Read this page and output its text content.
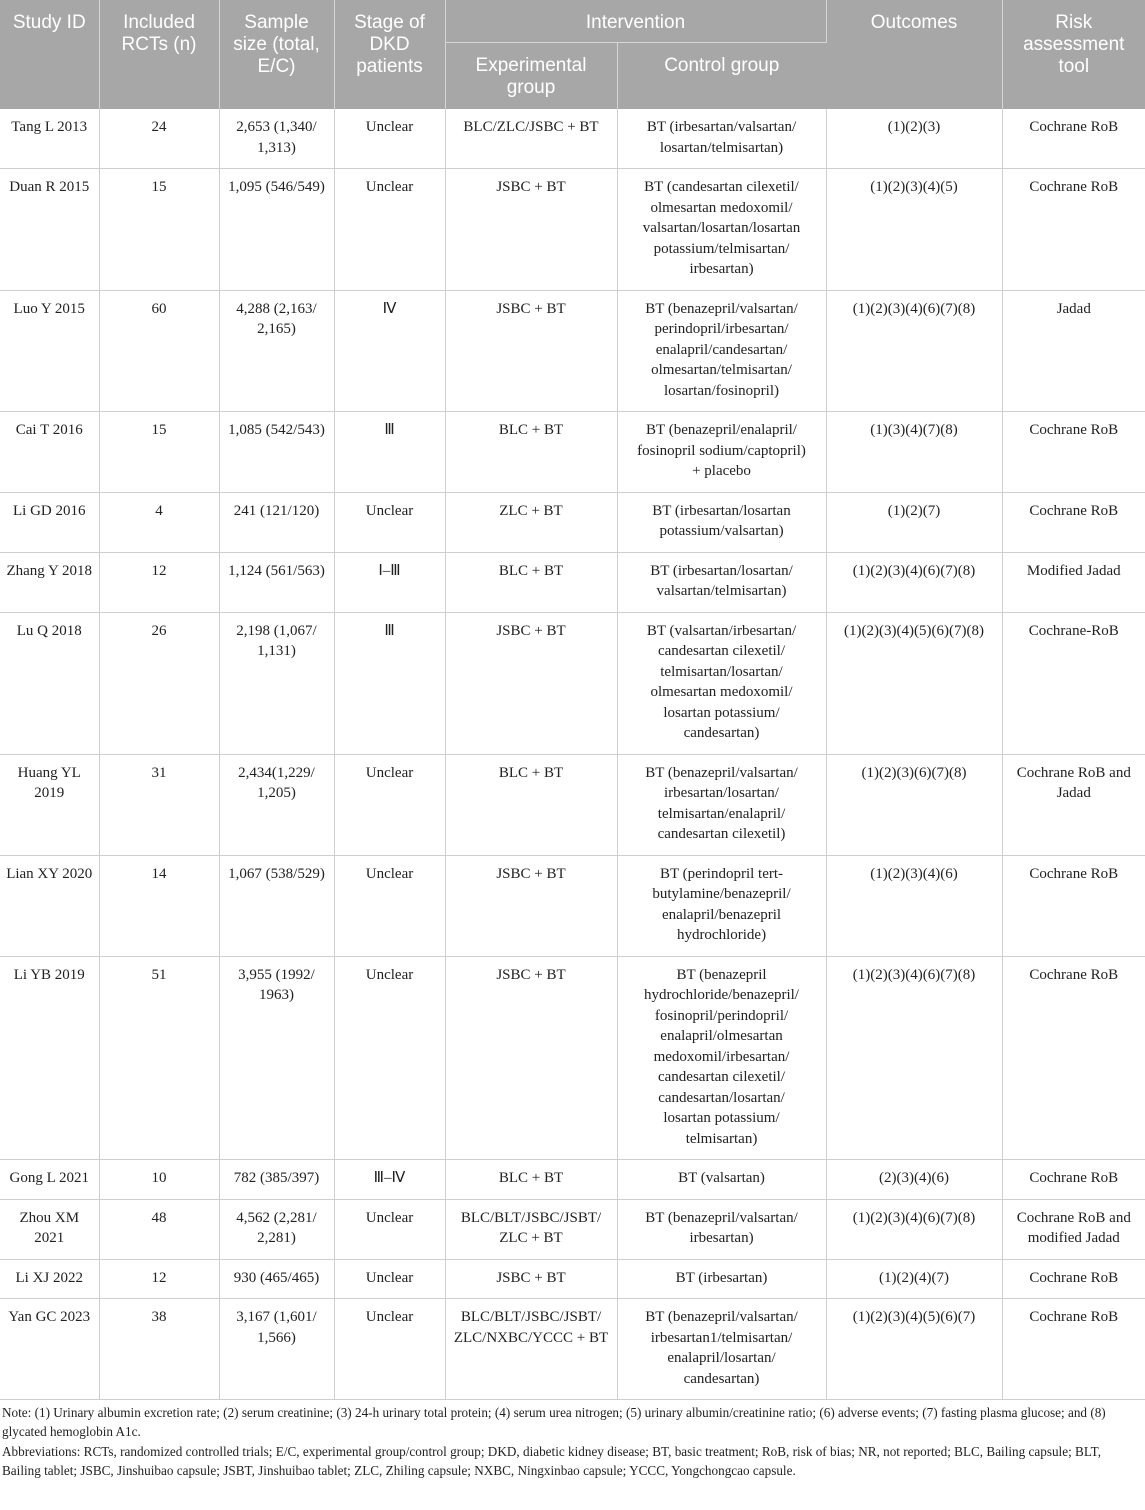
Study ID	Included RCTs (n)	Sample size (total, E/C)	Stage of DKD patients	Intervention		Outcomes	Risk assessment tool
				Experimental group	Control group		
Tang L 2013	24	2,653 (1,340/ 1,313)	Unclear	BLC/ZLC/JSBC + BT	BT (irbesartan/valsartan/ losartan/telmisartan)	(1)(2)(3)	Cochrane RoB
Duan R 2015	15	1,095 (546/549)	Unclear	JSBC + BT	BT (candesartan cilexetil/ olmesartan medoxomil/ valsartan/losartan/losartan potassium/telmisartan/ irbesartan)	(1)(2)(3)(4)(5)	Cochrane RoB
Luo Y 2015	60	4,288 (2,163/ 2,165)	Ⅳ	JSBC + BT	BT (benazepril/valsartan/ perindopril/irbesartan/ enalapril/candesartan/ olmesartan/telmisartan/ losartan/fosinopril)	(1)(2)(3)(4)(6)(7)(8)	Jadad
Cai T 2016	15	1,085 (542/543)	Ⅲ	BLC + BT	BT (benazepril/enalapril/ fosinopril sodium/captopril) + placebo	(1)(3)(4)(7)(8)	Cochrane RoB
Li GD 2016	4	241 (121/120)	Unclear	ZLC + BT	BT (irbesartan/losartan potassium/valsartan)	(1)(2)(7)	Cochrane RoB
Zhang Y 2018	12	1,124 (561/563)	Ⅰ–Ⅲ	BLC + BT	BT (irbesartan/losartan/ valsartan/telmisartan)	(1)(2)(3)(4)(6)(7)(8)	Modified Jadad
Lu Q 2018	26	2,198 (1,067/ 1,131)	Ⅲ	JSBC + BT	BT (valsartan/irbesartan/ candesartan cilexetil/ telmisartan/losartan/ olmesartan medoxomil/ losartan potassium/ candesartan)	(1)(2)(3)(4)(5)(6)(7)(8)	Cochrane-RoB
Huang YL 2019	31	2,434(1,229/ 1,205)	Unclear	BLC + BT	BT (benazepril/valsartan/ irbesartan/losartan/ telmisartan/enalapril/ candesartan cilexetil)	(1)(2)(3)(6)(7)(8)	Cochrane RoB and Jadad
Lian XY 2020	14	1,067 (538/529)	Unclear	JSBC + BT	BT (perindopril tert- butylamine/benazepril/ enalapril/benazepril hydrochloride)	(1)(2)(3)(4)(6)	Cochrane RoB
Li YB 2019	51	3,955 (1992/ 1963)	Unclear	JSBC + BT	BT (benazepril hydrochloride/benazepril/ fosinopril/perindopril/ enalapril/olmesartan medoxomil/irbesartan/ candesartan cilexetil/ candesartan/losartan/ losartan potassium/ telmisartan)	(1)(2)(3)(4)(6)(7)(8)	Cochrane RoB
Gong L 2021	10	782 (385/397)	Ⅲ–Ⅳ	BLC + BT	BT (valsartan)	(2)(3)(4)(6)	Cochrane RoB
Zhou XM 2021	48	4,562 (2,281/ 2,281)	Unclear	BLC/BLT/JSBC/JSBT/ ZLC + BT	BT (benazepril/valsartan/ irbesartan)	(1)(2)(3)(4)(6)(7)(8)	Cochrane RoB and modified Jadad
Li XJ 2022	12	930 (465/465)	Unclear	JSBC + BT	BT (irbesartan)	(1)(2)(4)(7)	Cochrane RoB
Yan GC 2023	38	3,167 (1,601/ 1,566)	Unclear	BLC/BLT/JSBC/JSBT/ ZLC/NXBC/YCCC + BT	BT (benazepril/valsartan/ irbesartan1/telmisartan/ enalapril/losartan/ candesartan)	(1)(2)(3)(4)(5)(6)(7)	Cochrane RoB

Note: (1) Urinary albumin excretion rate; (2) serum creatinine; (3) 24-h urinary total protein; (4) serum urea nitrogen; (5) urinary albumin/creatinine ratio; (6) adverse events; (7) fasting plasma glucose; and (8) glycated hemoglobin A1c.

Abbreviations: RCTs, randomized controlled trials; E/C, experimental group/control group; DKD, diabetic kidney disease; BT, basic treatment; RoB, risk of bias; NR, not reported; BLC, Bailing capsule; BLT, Bailing tablet; JSBC, Jinshuibao capsule; JSBT, Jinshuibao tablet; ZLC, Zhiling capsule; NXBC, Ningxinbao capsule; YCCC, Yongchongcao capsule.
